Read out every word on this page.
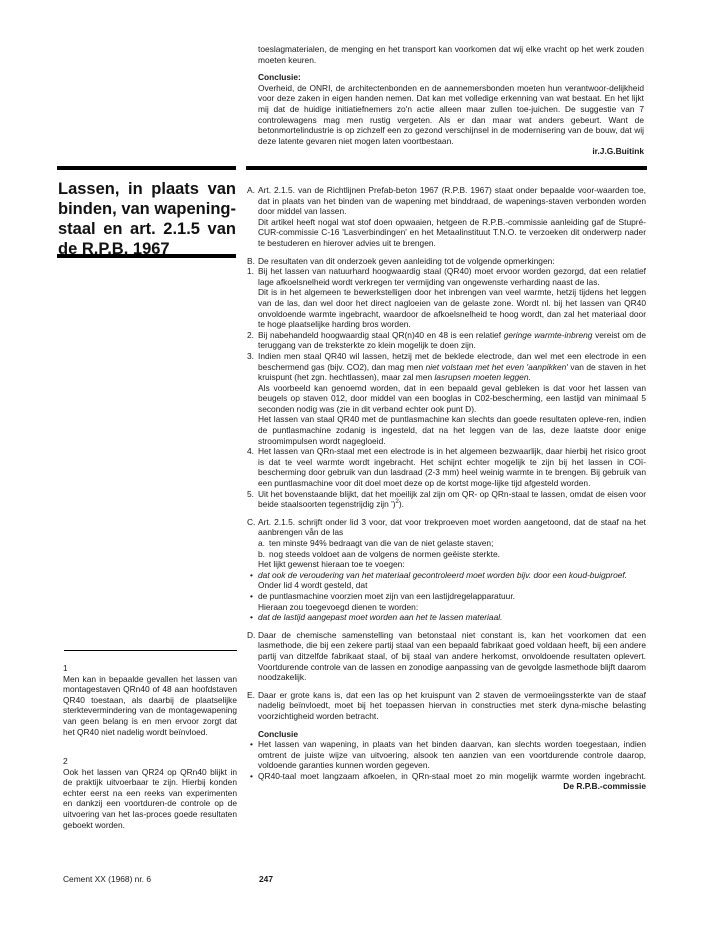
toeslagmaterialen, de menging en het transport kan voorkomen dat wij elke vracht op het werk zouden moeten keuren.

Conclusie:

Overheid, de ONRI, de architectenbonden en de aannemersbonden moeten hun verantwoor-delijkheid voor deze zaken in eigen handen nemen. Dat kan met volledige erkenning van wat bestaat. En het lijkt mij dat de huidige initiatiefnemers zo'n actie alleen maar zullen toe-juichen. De suggestie van 7 controlewagens mag men rustig vergeten. Als er dan maar wat anders gebeurt. Want de betonmortelindustrie is op zichzelf een zo gezond verschijnsel in de modernisering van de bouw, dat wij deze latente gevaren niet mogen laten voortbestaan.

ir.J.G.Buitink

Lassen, in plaats van binden, van wapening-staal en art. 2.1.5 van de R.P.B. 1967
A. Art. 2.1.5. van de Richtlijnen Prefab-beton 1967 (R.P.B. 1967) staat onder bepaalde voor-waarden toe, dat in plaats van het binden van de wapening met binddraad, de wapenings-staven verbonden worden door middel van lassen.

Dit artikel heeft nogal wat stof doen opwaaien, hetgeen de R.P.B.-commissie aanleiding gaf de Stupré-CUR-commissie C-16 'Lasverbindingen' en het Metaalinstituut T.N.O. te verzoeken dit onderwerp nader te bestuderen en hierover advies uit te brengen.

B. De resultaten van dit onderzoek geven aanleiding tot de volgende opmerkingen:

1. Bij het lassen van natuurhard hoogwaardig staal (QR40) moet ervoor worden gezorgd, dat een relatief lage afkoelsnelheid wordt verkregen ter vermijding van ongewenste verharding naast de las.

Dit is in het algemeen te bewerkstelligen door het inbrengen van veel warmte, hetzij tijdens het leggen van de las, dan wel door het direct nagloeien van de gelaste zone. Wordt nl. bij het lassen van QR40 onvoldoende warmte ingebracht, waardoor de afkoelsnelheid te hoog wordt, dan zal het materiaal door te hoge plaatselijke harding bros worden.

2. Bij nabehandeld hoogwaardig staal QR(n)40 en 48 is een relatief geringe warmte-inbreng vereist om de teruggang van de treksterkte zo klein mogelijk te doen zijn.

3. Indien men staal QR40 wil lassen, hetzij met de beklede electrode, dan wel met een electrode in een beschermend gas (bijv. CO2), dan mag men niet volstaan met het even 'aanpikken' van de staven in het kruispunt (het zgn. hechtlassen), maar zal men lasrupsen moeten leggen.

Als voorbeeld kan genoemd worden, dat in een bepaald geval gebleken is dat voor het lassen van beugels op staven 012, door middel van een booglas in C02-bescherming, een lastijd van minimaal 5 seconden nodig was (zie in dit verband echter ook punt D).

Het lassen van staal QR40 met de puntlasmachine kan slechts dan goede resultaten opleve-ren, indien de puntlasmachine zodanig is ingesteld, dat na het leggen van de las, deze laatste door enige stroomimpulsen wordt nagegloeid.

4. Het lassen van QRn-staal met een electrode is in het algemeen bezwaarlijk, daar hierbij het risico groot is dat te veel warmte wordt ingebracht. Het schijnt echter mogelijk te zijn bij het lassen in COï-bescherming door gebruik van dun lasdraad (2-3 mm) heel weinig warmte in te brengen. Bij gebruik van een puntlasmachine voor dit doel moet deze op de kortst moge-lijke tijd afgesteld worden.

5. Uit het bovenstaande blijkt, dat het moeilijk zal zijn om QR- op QRn-staal te lassen, omdat de eisen voor beide staalsoorten tegenstrijdig zijn ')$^2$).

C. Art. 2.1.5. schrijft onder lid 3 voor, dat voor trekproeven moet worden aangetoond, dat de staaf na het aanbrengen vån de las

a. ten minste 94% bedraagt van die van de niet gelaste staven;
b. nog steeds voldoet aan de volgens de normen geëiste sterkte.

Het lijkt gewenst hieraan toe te voegen:

• dat ook de veroudering van het materiaal gecontroleerd moet worden bijv. door een koud-buigproef.

Onder lid 4 wordt gesteld, dat

• de puntlasmachine voorzien moet zijn van een lastijdregelapparatuur.

Hieraan zou toegevoegd dienen te worden:

• dat de lastijd aangepast moet worden aan het te lassen materiaal.

D. Daar de chemische samenstelling van betonstaal niet constant is, kan het voorkomen dat een lasmethode, die bij een zekere partij staal van een bepaald fabrikaat goed voldaan heeft, bij een andere partij van ditzelfde fabrikaat staal, of bij staal van andere herkomst, onvoldoende resultaten oplevert. Voortdurende controle van de lassen en zonodige aanpassing van de gevolgde lasmethode blijft daarom noodzakelijk.

E. Daar er grote kans is, dat een las op het kruispunt van 2 staven de vermoeiingssterkte van de staaf nadelig beïnvloedt, moet bij het toepassen hiervan in constructies met sterk dyna-mische belasting voorzichtigheid worden betracht.

Conclusie

• Het lassen van wapening, in plaats van het binden daarvan, kan slechts worden toegestaan, indien omtrent de juiste wijze van uitvoering, alsook ten aanzien van een voortdurende controle daarop, voldoende garanties kunnen worden gegeven.

• QR40-taal moet langzaam afkoelen, in QRn-staal moet zo min mogelijk warmte worden ingebracht.
De R.P.B.-commissie

1

Men kan in bepaalde gevallen het lassen van montagestaven QRn40 of 48 aan hoofdstaven QR40 toestaan, als daarbij de plaatselijke sterktevermindering van de montagewapening van geen belang is en men ervoor zorgt dat het QR40 niet nadelig wordt beïnvloed.

2

Ook het lassen van QR24 op QRn40 blijkt in de praktijk uitvoerbaar te zijn. Hierbij konden echter eerst na een reeks van experimenten en dankzij een voortduren-de controle op de uitvoering van het las-proces goede resultaten geboekt worden.

Cement XX (1968) nr. 6	247
